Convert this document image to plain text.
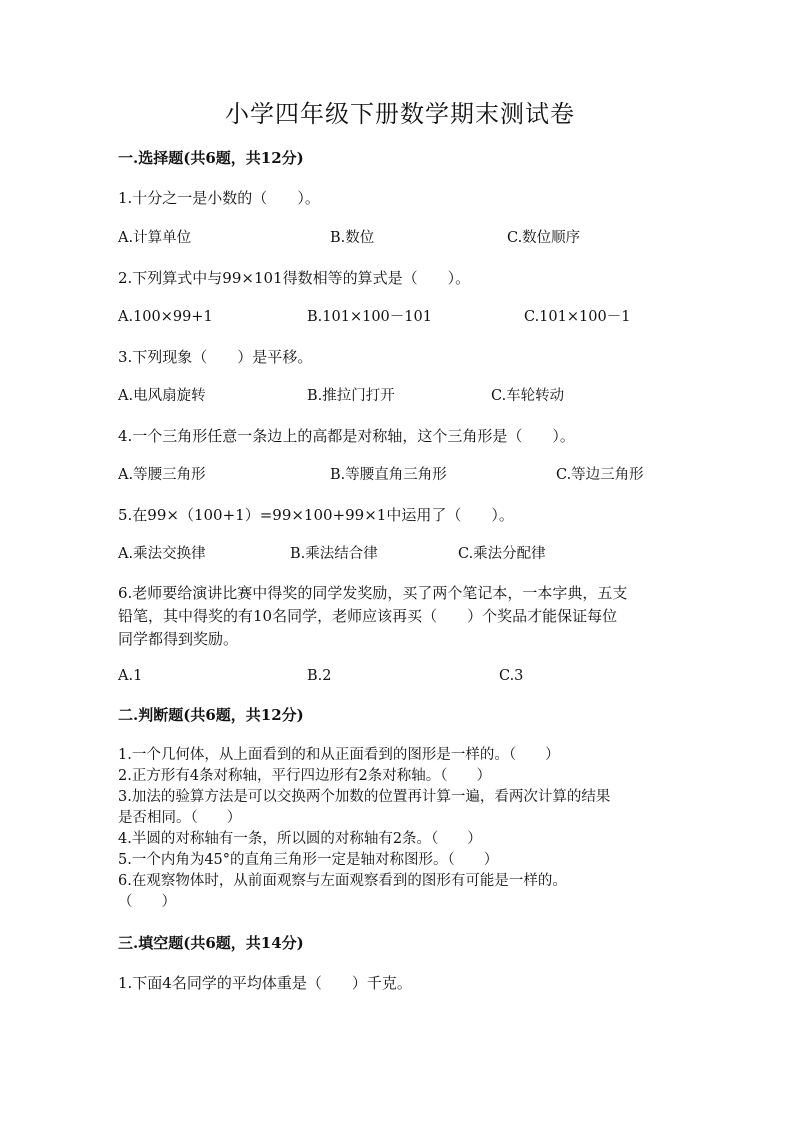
小学四年级下册数学期末测试卷
一.选择题(共6题，共12分)
1.十分之一是小数的（　　）。
A.计算单位	B.数位	C.数位顺序
2.下列算式中与99×101得数相等的算式是（　　）。
A.100×99+1	B.101×100－101	C.101×100－1
3.下列现象（　　）是平移。
A.电风扇旋转	B.推拉门打开	C.车轮转动
4.一个三角形任意一条边上的高都是对称轴，这个三角形是（　　）。
A.等腰三角形	B.等腰直角三角形	C.等边三角形
5.在99×（100+1）=99×100+99×1中运用了（　　）。
A.乘法交换律	B.乘法结合律	C.乘法分配律
6.老师要给演讲比赛中得奖的同学发奖励，买了两个笔记本，一本字典，五支
铅笔，其中得奖的有10名同学，老师应该再买（　　）个奖品才能保证每位
同学都得到奖励。
A.1	B.2	C.3
二.判断题(共6题，共12分)
1.一个几何体，从上面看到的和从正面看到的图形是一样的。（　　）
2.正方形有4条对称轴，平行四边形有2条对称轴。（　　）
3.加法的验算方法是可以交换两个加数的位置再计算一遍，看两次计算的结果
是否相同。（　　）
4.半圆的对称轴有一条，所以圆的对称轴有2条。（　　）
5.一个内角为45°的直角三角形一定是轴对称图形。（　　）
6.在观察物体时，从前面观察与左面观察看到的图形有可能是一样的。
（　　）
三.填空题(共6题，共14分)
1.下面4名同学的平均体重是（　　）千克。
